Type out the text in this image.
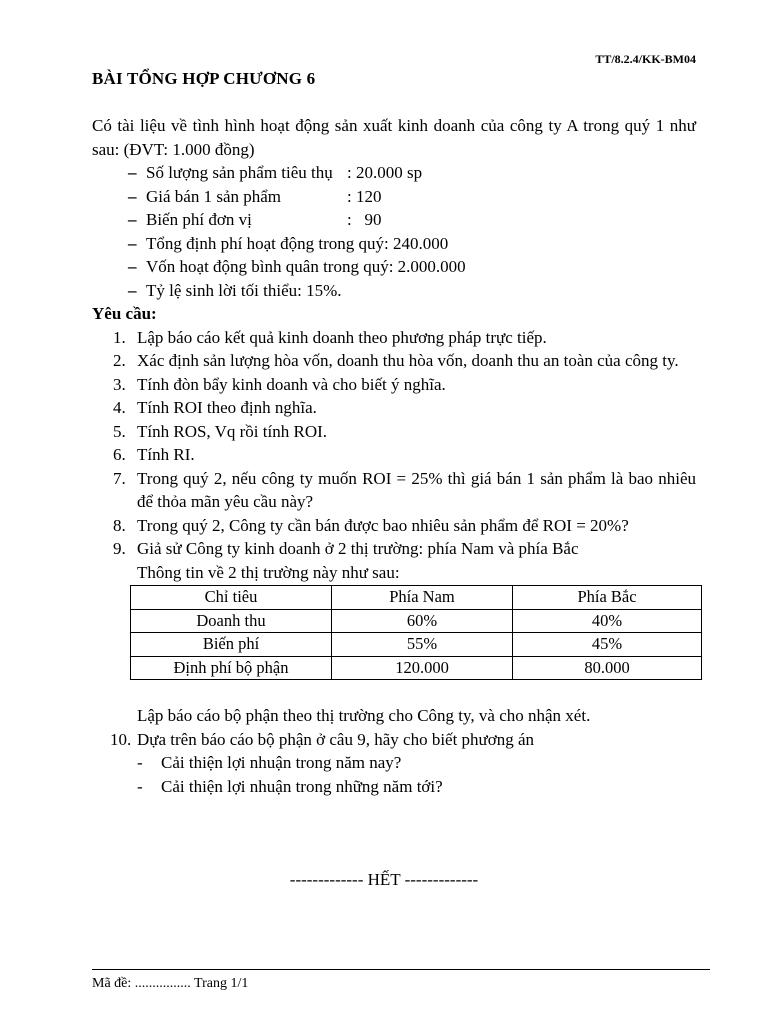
TT/8.2.4/KK-BM04
BÀI TỔNG HỢP CHƯƠNG 6

Có tài liệu về tình hình hoạt động sản xuất kinh doanh của công ty A trong quý 1 như sau: (ĐVT: 1.000 đồng)

– Số lượng sản phẩm tiêu thụ : 20.000 sp
– Giá bán 1 sản phẩm	: 120
– Biến phí đơn vị	:   90
– Tổng định phí hoạt động trong quý: 240.000
– Vốn hoạt động bình quân trong quý: 2.000.000
– Tỷ lệ sinh lời tối thiểu: 15%.

Yêu cầu:

1. Lập báo cáo kết quả kinh doanh theo phương pháp trực tiếp.
2. Xác định sản lượng hòa vốn, doanh thu hòa vốn, doanh thu an toàn của công ty.
3. Tính đòn bẩy kinh doanh và cho biết ý nghĩa.
4. Tính ROI theo định nghĩa.
5. Tính ROS, Vq rồi tính ROI.
6. Tính RI.
7. Trong quý 2, nếu công ty muốn ROI = 25% thì giá bán 1 sản phẩm là bao nhiêu để thỏa mãn yêu cầu này?
8. Trong quý 2, Công ty cần bán được bao nhiêu sản phẩm để ROI = 20%?
9. Giả sử Công ty kinh doanh ở 2 thị trường: phía Nam và phía Bắc
Thông tin về 2 thị trường này như sau:
Chỉ tiêu	Phía Nam	Phía Bắc
Doanh thu	60%	40%
Biến phí	55%	45%
Định phí bộ phận	120.000	80.000
Lập báo cáo bộ phận theo thị trường cho Công ty, và cho nhận xét.
10. Dựa trên báo cáo bộ phận ở câu 9, hãy cho biết phương án
- Cải thiện lợi nhuận trong năm nay?
- Cải thiện lợi nhuận trong những năm tới?
------------- HẾT -------------
Mã đề: ................ Trang 1/1
